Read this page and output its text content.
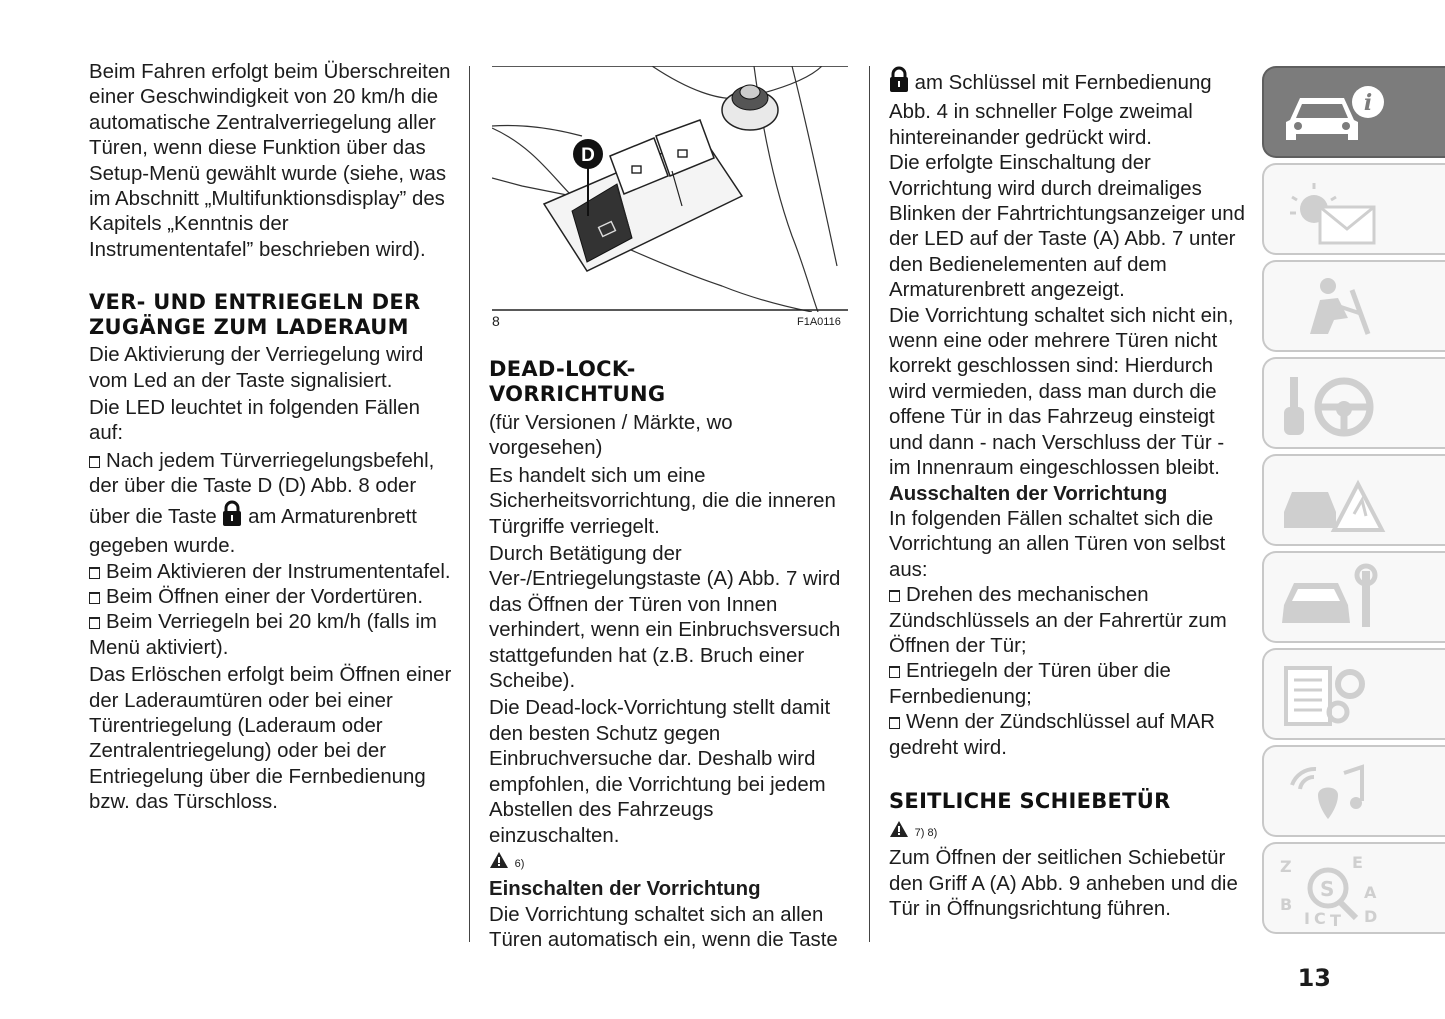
Beim Fahren erfolgt beim Überschreiten einer Geschwindigkeit von 20 km/h die automatische Zentralverriegelung aller Türen, wenn diese Funktion über das Setup-Menü gewählt wurde (siehe, was im Abschnitt „Multifunktionsdisplay” des Kapitels „Kenntnis der Instrumententafel” beschrieben wird).

VER- UND ENTRIEGELN DER ZUGÄNGE ZUM LADERAUM

Die Aktivierung der Verriegelung wird vom Led an der Taste signalisiert.

Die LED leuchtet in folgenden Fällen auf:

Nach jedem Türverriegelungsbefehl, der über die Taste D (D) Abb. 8 oder über die Taste am Armaturenbrett gegeben wurde.

Beim Aktivieren der Instrumententafel.

Beim Öffnen einer der Vordertüren.

Beim Verriegeln bei 20 km/h (falls im Menü aktiviert).

Das Erlöschen erfolgt beim Öffnen einer der Laderaumtüren oder bei einer Türentriegelung (Laderaum oder Zentralentriegelung) oder bei der Entriegelung über die Fernbedienung bzw. das Türschloss.

D
8	F1A0116
DEAD-LOCK-VORRICHTUNG

(für Versionen / Märkte, wo vorgesehen)

Es handelt sich um eine Sicherheitsvorrichtung, die die inneren Türgriffe verriegelt.

Durch Betätigung der Ver-/Entriegelungstaste (A) Abb. 7 wird das Öffnen der Türen von Innen verhindert, wenn ein Einbruchsversuch stattgefunden hat (z.B. Bruch einer Scheibe).

Die Dead-lock-Vorrichtung stellt damit den besten Schutz gegen Einbruchversuche dar. Deshalb wird empfohlen, die Vorrichtung bei jedem Abstellen des Fahrzeugs einzuschalten.

6)

Einschalten der Vorrichtung

Die Vorrichtung schaltet sich an allen Türen automatisch ein, wenn die Taste

am Schlüssel mit Fernbedienung Abb. 4 in schneller Folge zweimal hintereinander gedrückt wird.

Die erfolgte Einschaltung der Vorrichtung wird durch dreimaliges Blinken der Fahrtrichtungsanzeiger und der LED auf der Taste (A) Abb. 7 unter den Bedienelementen auf dem Armaturenbrett angezeigt.

Die Vorrichtung schaltet sich nicht ein, wenn eine oder mehrere Türen nicht korrekt geschlossen sind: Hierdurch wird vermieden, dass man durch die offene Tür in das Fahrzeug einsteigt und dann - nach Verschluss der Tür - im Innenraum eingeschlossen bleibt.

Ausschalten der Vorrichtung

In folgenden Fällen schaltet sich die Vorrichtung an allen Türen von selbst aus:

Drehen des mechanischen Zündschlüssels an der Fahrertür zum Öffnen der Tür;

Entriegeln der Türen über die Fernbedienung;

Wenn der Zündschlüssel auf MAR gedreht wird.

SEITLICHE SCHIEBETÜR

7) 8)

Zum Öffnen der seitlichen Schiebetür den Griff A (A) Abb. 9 anheben und die Tür in Öffnungsrichtung führen.

i
Z	E
B
A
I C T D
S
13
